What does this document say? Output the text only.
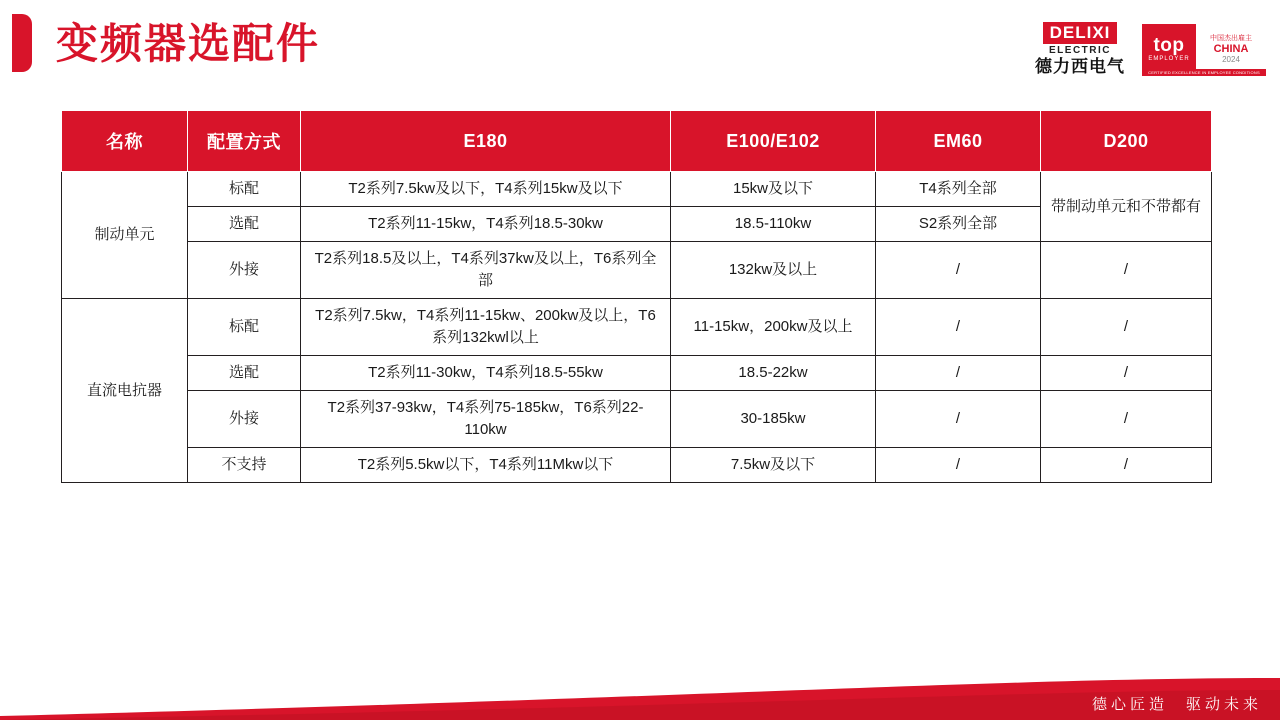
变频器选配件	DELIXI
ELECTRIC
德力西电气
top
EMPLOYER
中国杰出雇主
CHINA
2024
CERTIFIED EXCELLENCE IN EMPLOYEE CONDITIONS
名称	配置方式	E180	E100/E102	EM60	D200
制动单元	标配	T2系列7.5kw及以下，T4系列15kw及以下	15kw及以下	T4系列全部	带制动单元和不带都有
	选配	T2系列11-15kw，T4系列18.5-30kw	18.5-110kw	S2系列全部	
	外接	T2系列18.5及以上，T4系列37kw及以上，T6系列全部	132kw及以上	/	/
直流电抗器	标配	T2系列7.5kw，T4系列11-15kw、200kw及以上，T6系列132kwl以上	11-15kw，200kw及以上	/	/
	选配	T2系列11-30kw，T4系列18.5-55kw	18.5-22kw	/	/
	外接	T2系列37-93kw，T4系列75-185kw，T6系列22-110kw	30-185kw	/	/
	不支持	T2系列5.5kw以下，T4系列11Mkw以下	7.5kw及以下	/	/
德心匠造 驱动未来
